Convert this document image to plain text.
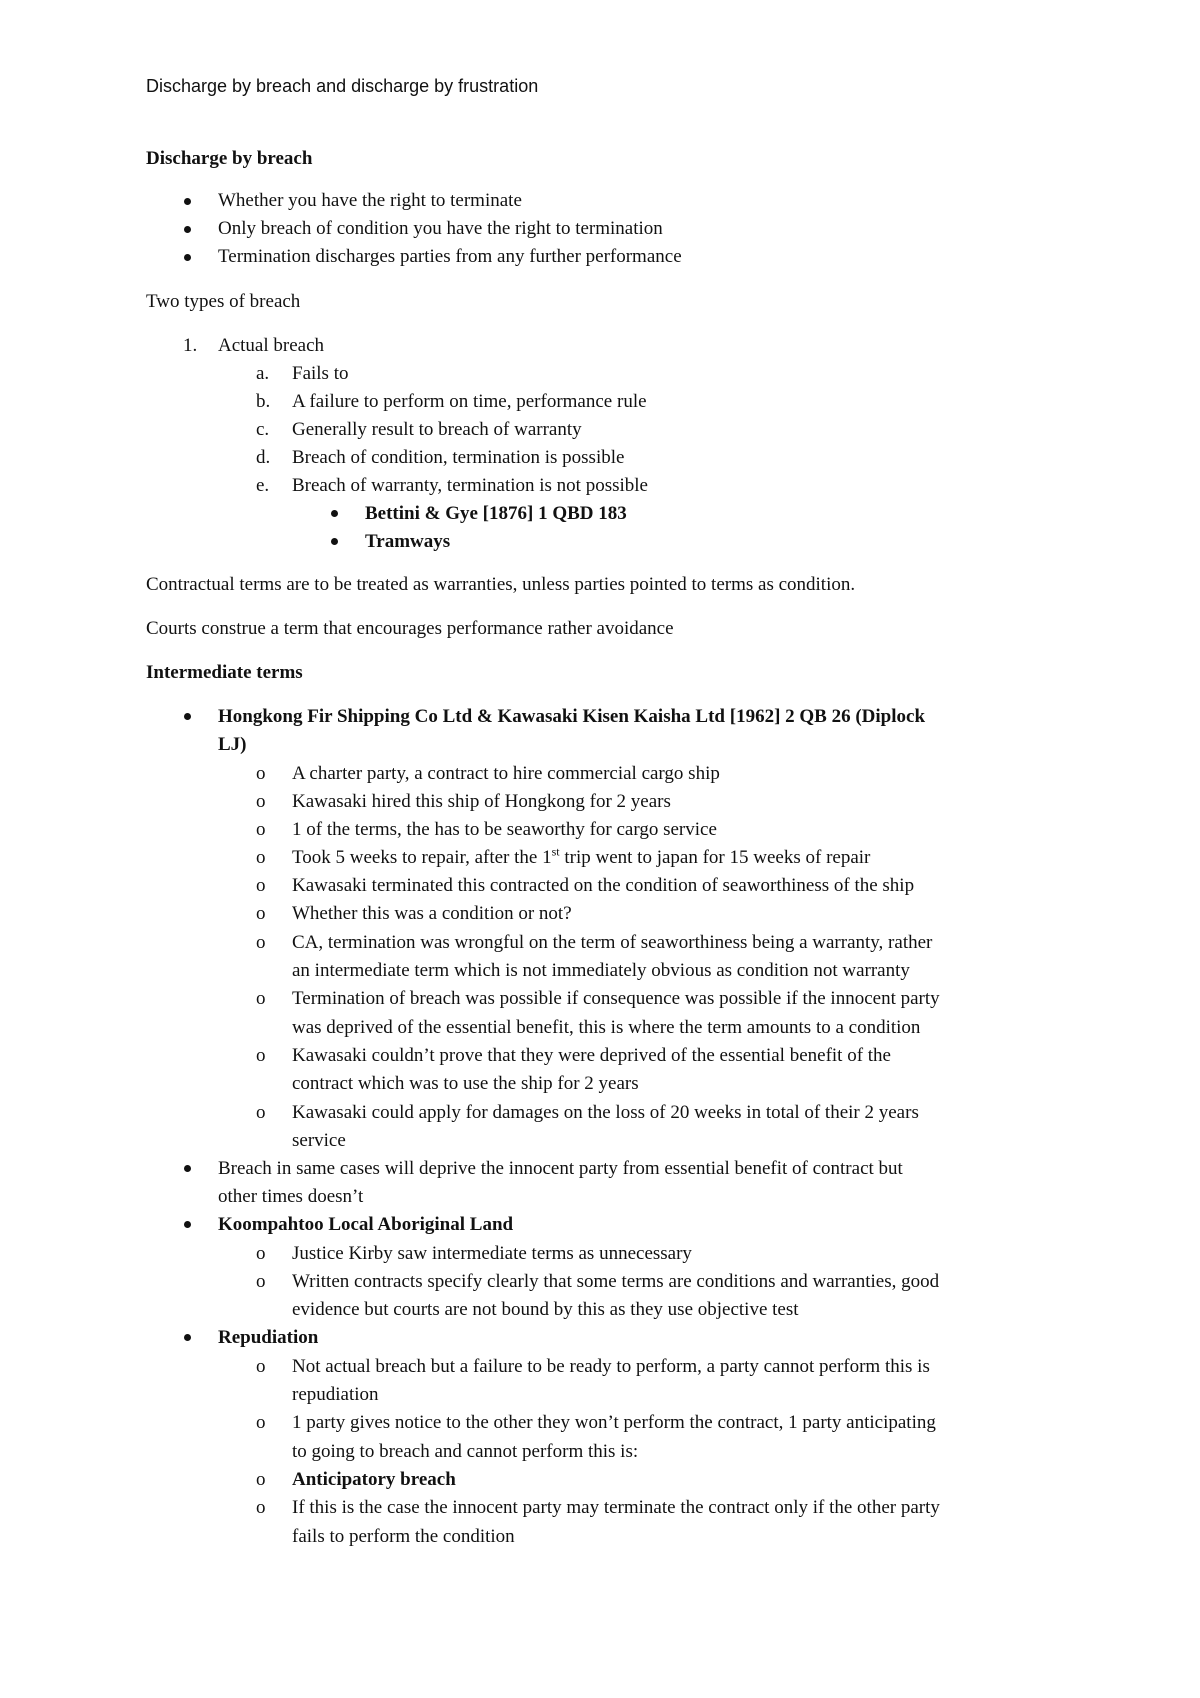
Discharge by breach and discharge by frustration
Discharge by breach
Whether you have the right to terminate
Only breach of condition you have the right to termination
Termination discharges parties from any further performance
Two types of breach
1. Actual breach
a. Fails to
b. A failure to perform on time, performance rule
c. Generally result to breach of warranty
d. Breach of condition, termination is possible
e. Breach of warranty, termination is not possible
Bettini & Gye [1876] 1 QBD 183
Tramways
Contractual terms are to be treated as warranties, unless parties pointed to terms as condition.
Courts construe a term that encourages performance rather avoidance
Intermediate terms
Hongkong Fir Shipping Co Ltd & Kawasaki Kisen Kaisha Ltd [1962] 2 QB 26 (Diplock
LJ)
o A charter party, a contract to hire commercial cargo ship
o Kawasaki hired this ship of Hongkong for 2 years
o 1 of the terms, the has to be seaworthy for cargo service
o Took 5 weeks to repair, after the 1st trip went to japan for 15 weeks of repair
o Kawasaki terminated this contracted on the condition of seaworthiness of the ship
o Whether this was a condition or not?
o CA, termination was wrongful on the term of seaworthiness being a warranty, rather
an intermediate term which is not immediately obvious as condition not warranty
o Termination of breach was possible if consequence was possible if the innocent party
was deprived of the essential benefit, this is where the term amounts to a condition
o Kawasaki couldn’t prove that they were deprived of the essential benefit of the
contract which was to use the ship for 2 years
o Kawasaki could apply for damages on the loss of 20 weeks in total of their 2 years
service
Breach in same cases will deprive the innocent party from essential benefit of contract but
other times doesn’t
Koompahtoo Local Aboriginal Land
o Justice Kirby saw intermediate terms as unnecessary
o Written contracts specify clearly that some terms are conditions and warranties, good
evidence but courts are not bound by this as they use objective test
Repudiation
o Not actual breach but a failure to be ready to perform, a party cannot perform this is
repudiation
o 1 party gives notice to the other they won’t perform the contract, 1 party anticipating
to going to breach and cannot perform this is:
o Anticipatory breach
o If this is the case the innocent party may terminate the contract only if the other party
fails to perform the condition
